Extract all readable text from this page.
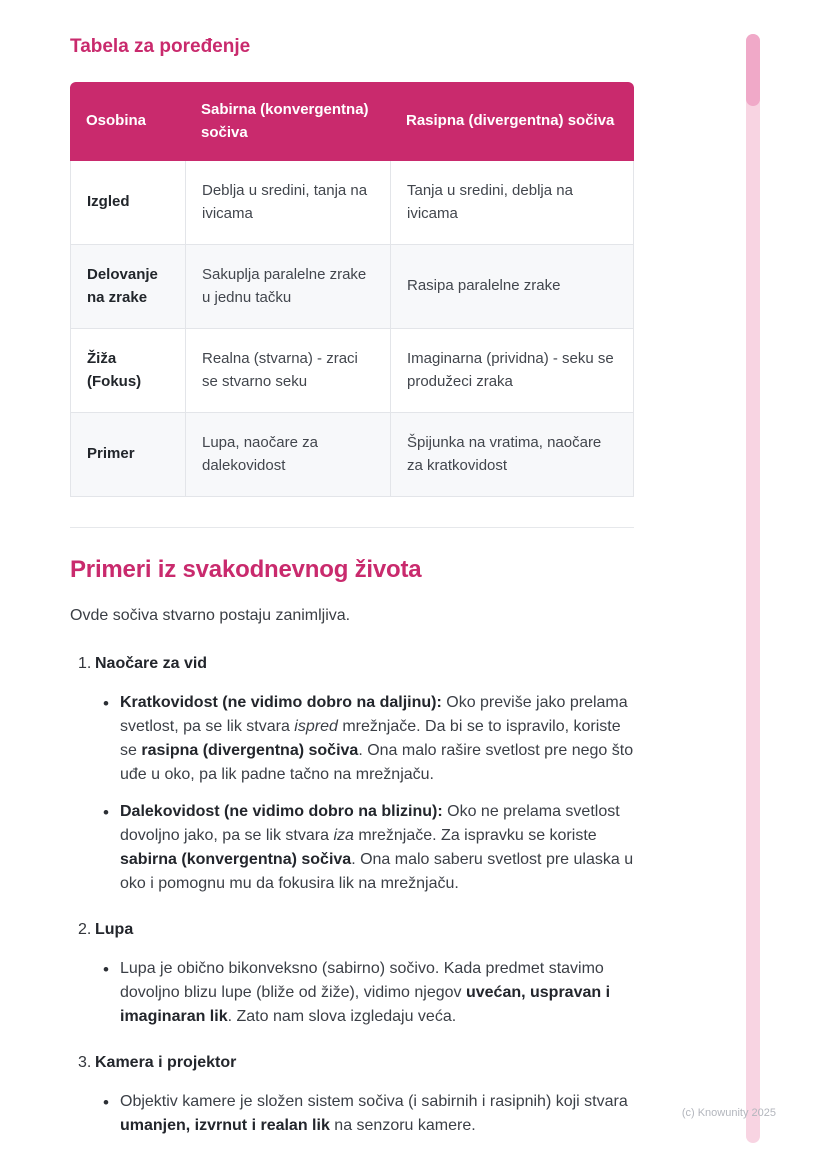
Tabela za poređenje
Osobina	Sabirna (konvergentna) sočiva	Rasipna (divergentna) sočiva
Izgled	Deblja u sredini, tanja na ivicama	Tanja u sredini, deblja na ivicama
Delovanje na zrake	Sakuplja paralelne zrake u jednu tačku	Rasipa paralelne zrake
Žiža (Fokus)	Realna (stvarna) - zraci se stvarno seku	Imaginarna (prividna) - seku se produžeci zraka
Primer	Lupa, naočare za dalekovidost	Špijunka na vratima, naočare za kratkovidost
Primeri iz svakodnevnog života

Ovde sočiva stvarno postaju zanimljiva.

1. Naočare za vid
• Kratkovidost (ne vidimo dobro na daljinu): Oko previše jako prelama svetlost, pa se lik stvara ispred mrežnjače. Da bi se to ispravilo, koriste se rasipna (divergentna) sočiva. Ona malo rašire svetlost pre nego što uđe u oko, pa lik padne tačno na mrežnjaču.
• Dalekovidost (ne vidimo dobro na blizinu): Oko ne prelama svetlost dovoljno jako, pa se lik stvara iza mrežnjače. Za ispravku se koriste sabirna (konvergentna) sočiva. Ona malo saberu svetlost pre ulaska u oko i pomognu mu da fokusira lik na mrežnjaču.
2. Lupa
• Lupa je obično bikonveksno (sabirno) sočivo. Kada predmet stavimo dovoljno blizu lupe (bliže od žiže), vidimo njegov uvećan, uspravan i imaginaran lik. Zato nam slova izgledaju veća.
3. Kamera i projektor
• Objektiv kamere je složen sistem sočiva (i sabirnih i rasipnih) koji stvara umanjen, izvrnut i realan lik na senzoru kamere.
(c) Knowunity 2025
